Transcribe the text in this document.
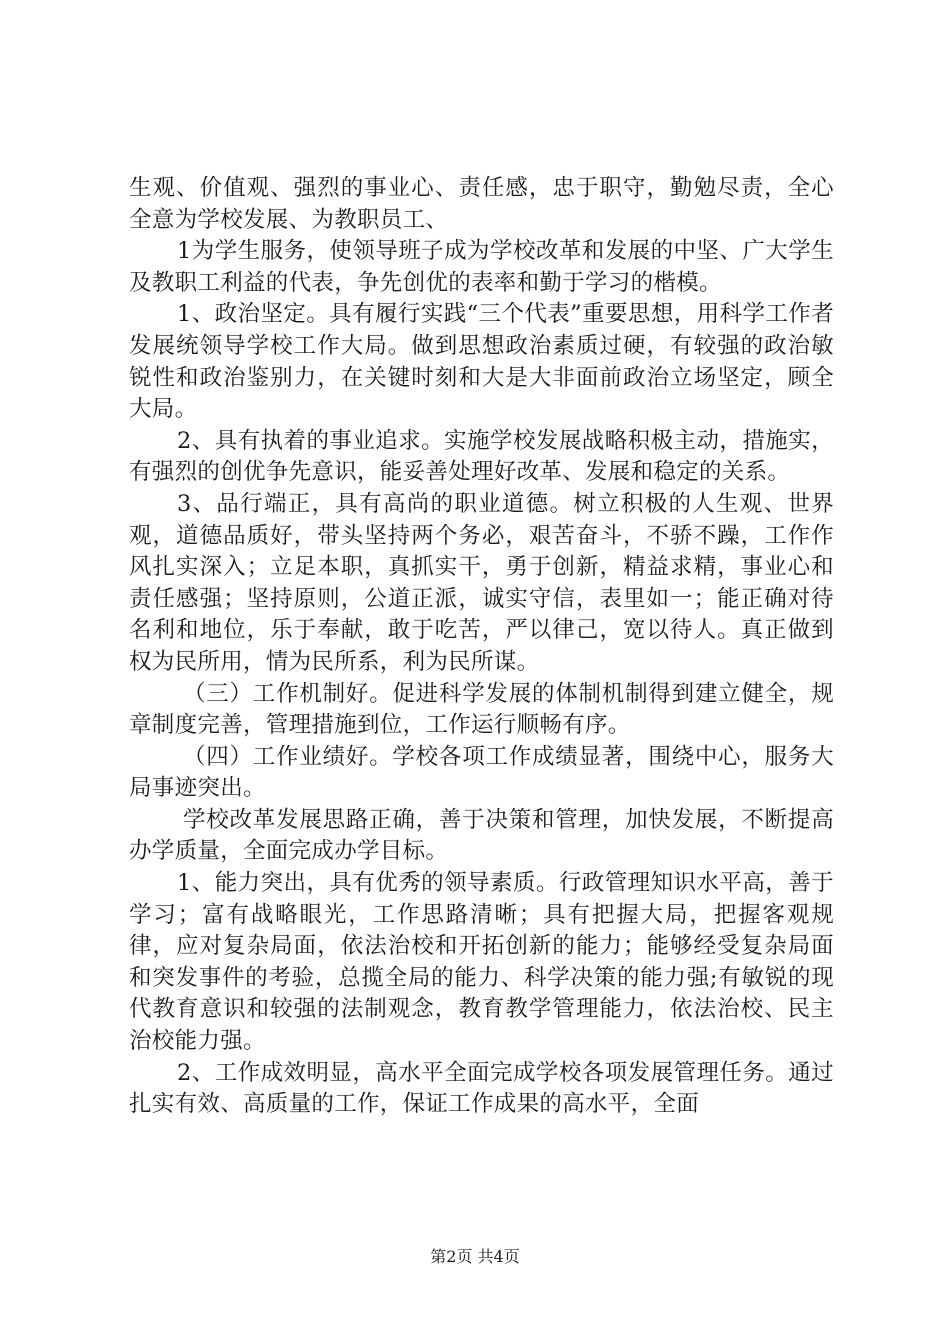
生观、价值观、强烈的事业心、责任感，忠于职守，勤勉尽责，全心全意为学校发展、为教职员工、

1为学生服务，使领导班子成为学校改革和发展的中坚、广大学生及教职工利益的代表，争先创优的表率和勤于学习的楷模。

1、政治坚定。具有履行实践“三个代表”重要思想，用科学工作者发展统领导学校工作大局。做到思想政治素质过硬，有较强的政治敏锐性和政治鉴别力，在关键时刻和大是大非面前政治立场坚定，顾全大局。

2、具有执着的事业追求。实施学校发展战略积极主动，措施实，有强烈的创优争先意识，能妥善处理好改革、发展和稳定的关系。

3、品行端正，具有高尚的职业道德。树立积极的人生观、世界观，道德品质好，带头坚持两个务必，艰苦奋斗，不骄不躁，工作作风扎实深入；立足本职，真抓实干，勇于创新，精益求精，事业心和责任感强；坚持原则，公道正派，诚实守信，表里如一；能正确对待名利和地位，乐于奉献，敢于吃苦，严以律己，宽以待人。真正做到权为民所用，情为民所系，利为民所谋。

（三）工作机制好。促进科学发展的体制机制得到建立健全，规章制度完善，管理措施到位，工作运行顺畅有序。

（四）工作业绩好。学校各项工作成绩显著，围绕中心，服务大局事迹突出。

学校改革发展思路正确，善于决策和管理，加快发展，不断提高办学质量，全面完成办学目标。

1、能力突出，具有优秀的领导素质。行政管理知识水平高，善于学习；富有战略眼光，工作思路清晰；具有把握大局，把握客观规律，应对复杂局面，依法治校和开拓创新的能力；能够经受复杂局面和突发事件的考验，总揽全局的能力、科学决策的能力强;有敏锐的现代教育意识和较强的法制观念，教育教学管理能力，依法治校、民主治校能力强。

2、工作成效明显，高水平全面完成学校各项发展管理任务。通过扎实有效、高质量的工作，保证工作成果的高水平，全面

第2页 共4页
